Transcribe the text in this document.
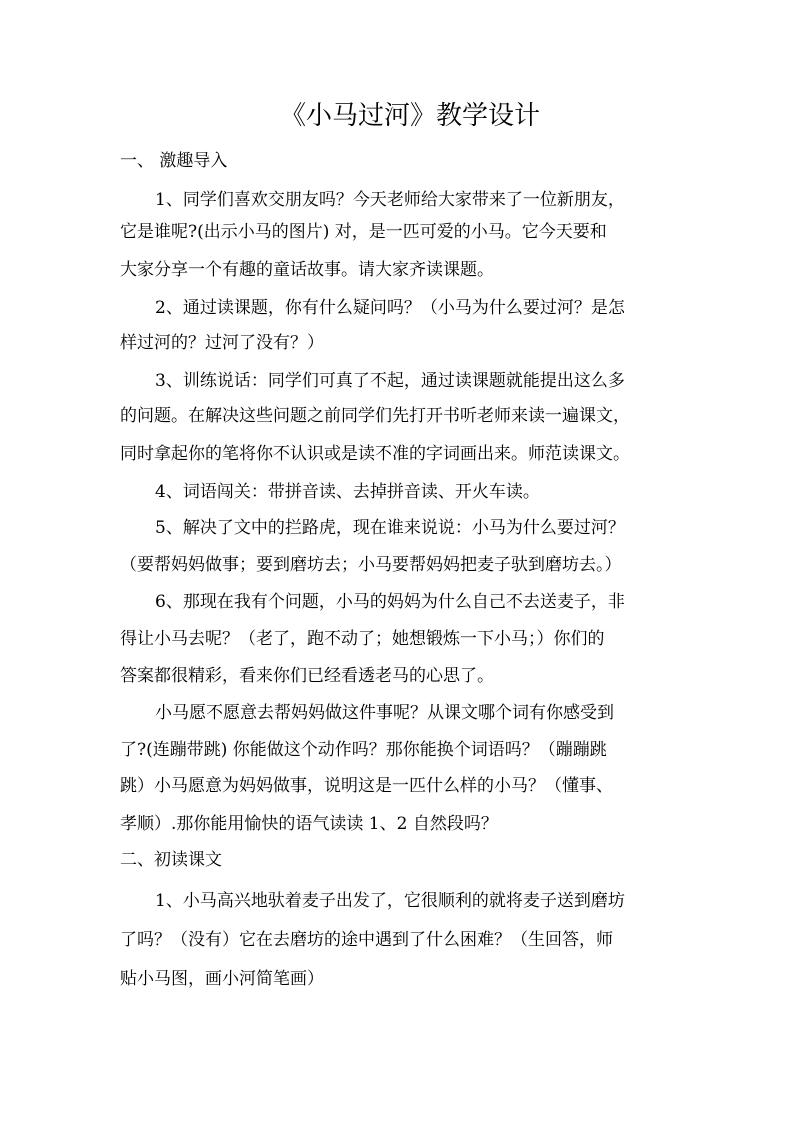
《小马过河》教学设计
一、 激趣导入
1、同学们喜欢交朋友吗？今天老师给大家带来了一位新朋友，
它是谁呢?(出示小马的图片) 对，是一匹可爱的小马。它今天要和
大家分享一个有趣的童话故事。请大家齐读课题。
2、通过读课题，你有什么疑问吗？（小马为什么要过河？是怎
样过河的？过河了没有？）
3、训练说话：同学们可真了不起，通过读课题就能提出这么多
的问题。在解决这些问题之前同学们先打开书听老师来读一遍课文，
同时拿起你的笔将你不认识或是读不准的字词画出来。师范读课文。
4、词语闯关：带拼音读、去掉拼音读、开火车读。
5、解决了文中的拦路虎，现在谁来说说：小马为什么要过河？
（要帮妈妈做事；要到磨坊去；小马要帮妈妈把麦子驮到磨坊去。）
6、那现在我有个问题，小马的妈妈为什么自己不去送麦子，非
得让小马去呢？（老了，跑不动了；她想锻炼一下小马；）你们的
答案都很精彩，看来你们已经看透老马的心思了。
小马愿不愿意去帮妈妈做这件事呢？从课文哪个词有你感受到
了?(连蹦带跳) 你能做这个动作吗？那你能换个词语吗？（蹦蹦跳
跳）小马愿意为妈妈做事，说明这是一匹什么样的小马？（懂事、
孝顺）.那你能用愉快的语气读读 1、2 自然段吗？
二、初读课文
1、小马高兴地驮着麦子出发了，它很顺利的就将麦子送到磨坊
了吗？（没有）它在去磨坊的途中遇到了什么困难？（生回答，师
贴小马图，画小河简笔画）
